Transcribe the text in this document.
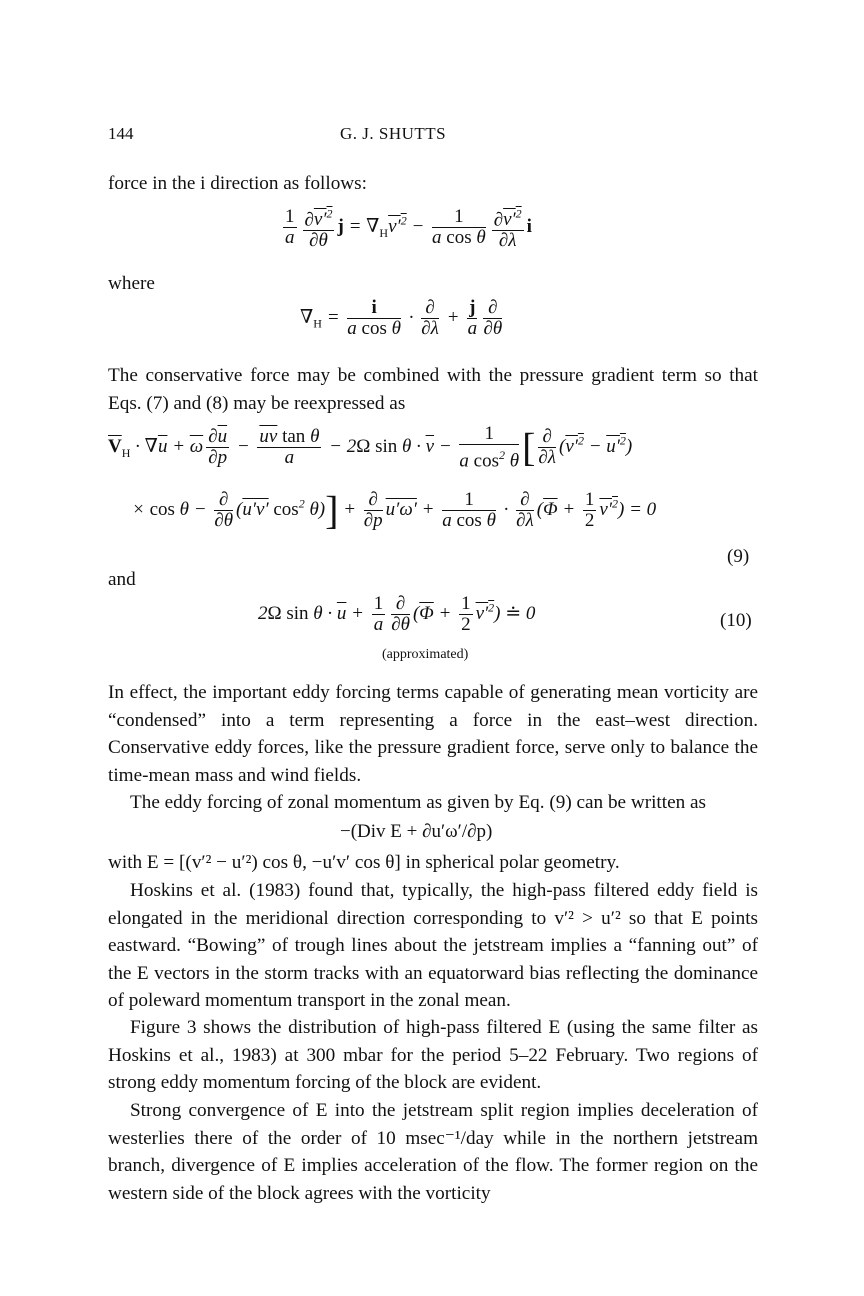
144	G. J. SHUTTS
force in the i direction as follows:
$\frac{1}{a} \frac{\partial v'^2}{\partial\theta}$ $j = \nabla_Hv'^2 - \frac{1}{\text{a cos θ}} \frac{\partial v'^2}{\partial\lambda}$ i
where
$\nabla_H = \frac{i}{\text{a cos θ}} \cdot \frac{\partial}{\partial\lambda} + \frac{j}{a} \frac{\partial}{\partial\theta}$
The conservative force may be combined with the pressure gradient term so that Eqs. (7) and (8) may be reexpressed as
$\overline{V}_H \cdot \nabla\overline{u} + \overline{\omega} \frac{\partial\overline{u}}{\partial p} - \frac{\overline{uv} \tan \theta}{a} - 2\Omega$ $\sin \theta \cdot \overline{v} - \frac{1}{a \cos^2 \theta}$ [ $\frac{\partial}{\partial\lambda} (v'^2 - u'^2)$
× $\cos \theta - \frac{\partial}{\partial\theta} (u'v'$ $\cos^2 \theta)] + \frac{\partial}{\partial p} u'\omega' + \frac{1}{\text{a cos θ}} \cdot \frac{\partial}{\partial\lambda} (\overline{\Phi} + \frac{1}{2} v'^2) = 0$
(9)
and
2Ω $\sin \theta \cdot \overline{u} + \frac{1}{a} \frac{\partial}{\partial\theta} (\overline{\Phi} + \frac{1}{2} v'^2)$ ≐ 0	(10)
(approximated)
In effect, the important eddy forcing terms capable of generating mean vorticity are “condensed” into a term representing a force in the east–west direction. Conservative eddy forces, like the pressure gradient force, serve only to balance the time-mean mass and wind fields.
The eddy forcing of zonal momentum as given by Eq. (9) can be written as
−(Div E + ∂u′ω′/∂p)
with E = [(v′² − u′²) cos θ, −u′v′ cos θ] in spherical polar geometry.
Hoskins et al. (1983) found that, typically, the high-pass filtered eddy field is elongated in the meridional direction corresponding to v′² > u′² so that E points eastward. “Bowing” of trough lines about the jetstream implies a “fanning out” of the E vectors in the storm tracks with an equatorward bias reflecting the dominance of poleward momentum transport in the zonal mean.
Figure 3 shows the distribution of high-pass filtered E (using the same filter as Hoskins et al., 1983) at 300 mbar for the period 5–22 February. Two regions of strong eddy momentum forcing of the block are evident.
Strong convergence of E into the jetstream split region implies deceleration of westerlies there of the order of 10 msec⁻¹/day while in the northern jetstream branch, divergence of E implies acceleration of the flow. The former region on the western side of the block agrees with the vorticity
